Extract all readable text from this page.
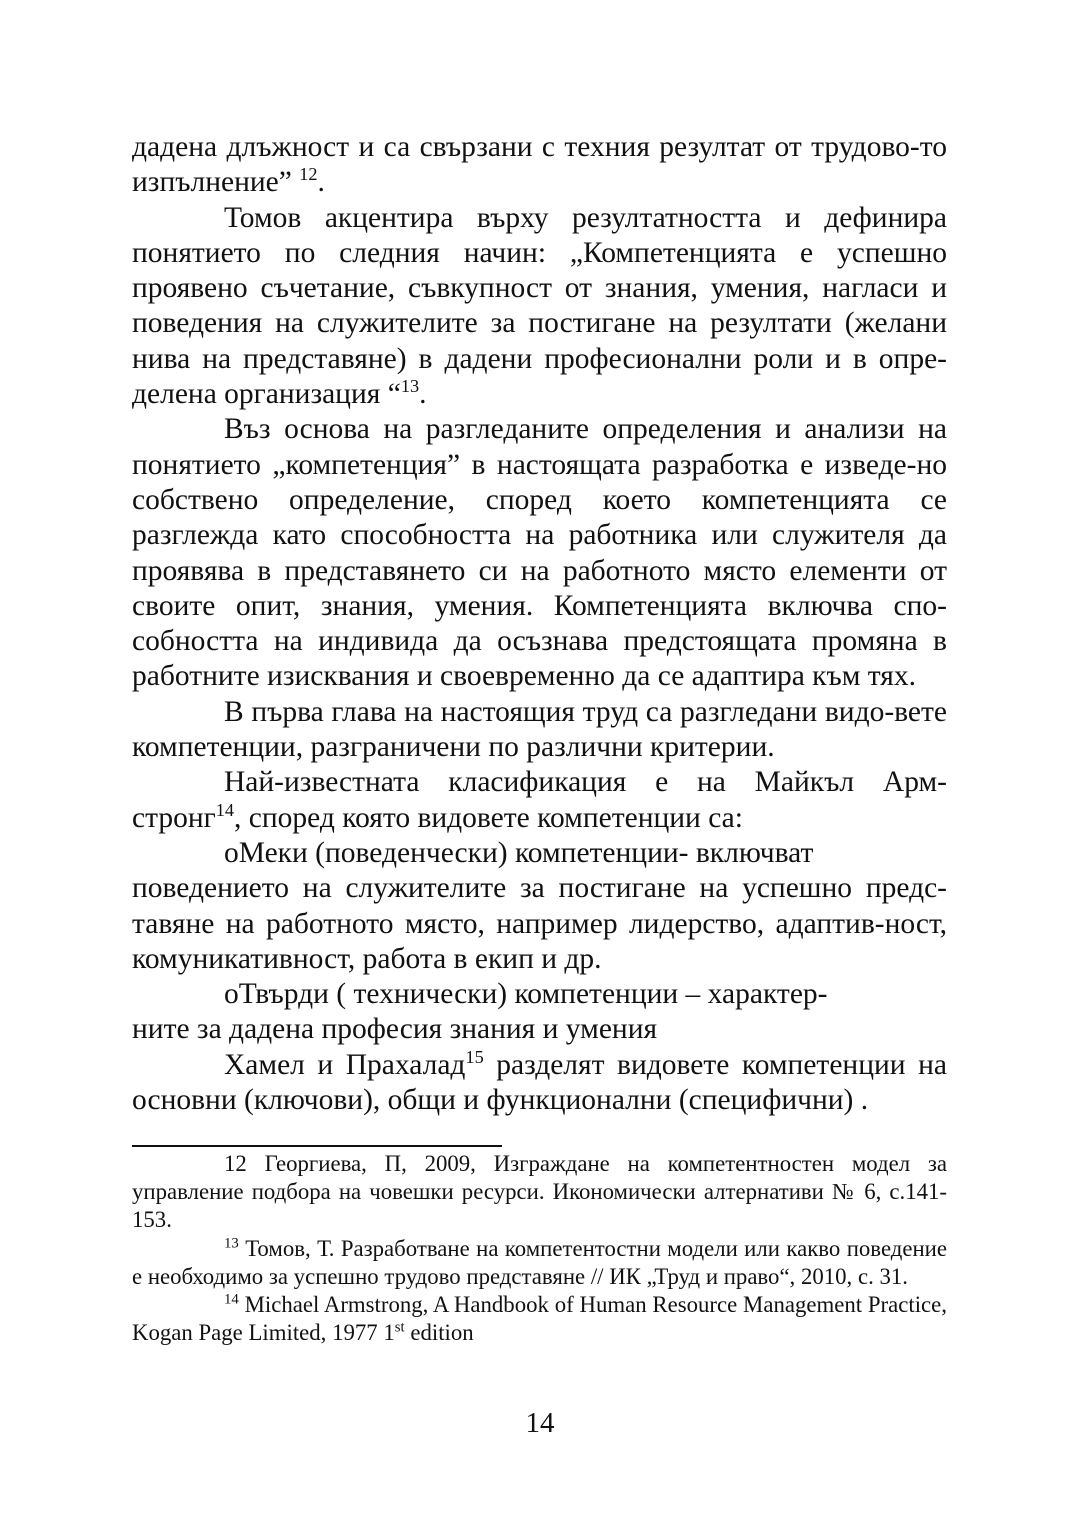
дадена длъжност и са свързани с техния резултат от трудово-то изпълнение” $^{12}$.

Томов акцентира върху резултатността и дефинира понятието по следния начин: „Компетенцията е успешно проявено съчетание, съвкупност от знания, умения, нагласи и поведения на служителите за постигане на резултати (желани нива на представяне) в дадени професионални роли и в опре-делена организация “$^{13}$.

Въз основа на разгледаните определения и анализи на понятието „компетенция” в настоящата разработка е изведе-но собствено определение, според което компетенцията се разглежда като способността на работника или служителя да проявява в представянето си на работното място елементи от своите опит, знания, умения. Компетенцията включва спо-собността на индивида да осъзнава предстоящата промяна в работните изисквания и своевременно да се адаптира към тях.

В първа глава на настоящия труд са разгледани видо-вете компетенции, разграничени по различни критерии.

Най-известната класификация е на Майкъл Арм-стронг$^{14}$, според която видовете компетенции са:

oМеки (поведенчески) компетенции- включват

поведението на служителите за постигане на успешно предс-тавяне на работното място, например лидерство, адаптив-ност, комуникативност, работа в екип и др.

oТвърди ( технически) компетенции – характер-

ните за дадена професия знания и умения

Хамел и Прахалад$^{15}$ разделят видовете компетенции на основни (ключови), общи и функционални (специфични) .

12 Георгиева, П, 2009, Изграждане на компетентностен модел за управление подбора на човешки ресурси. Икономически алтернативи № 6, с.141-153.

$^{13}$ Томов, Т. Разработване на компетентостни модели или какво поведение е необходимо за успешно трудово представяне // ИК „Труд и право“, 2010, с. 31.

$^{14}$ Michael Armstrong, A Handbook of Human Resource Management Practice, Kogan Page Limited, 1977 1st edition

14
